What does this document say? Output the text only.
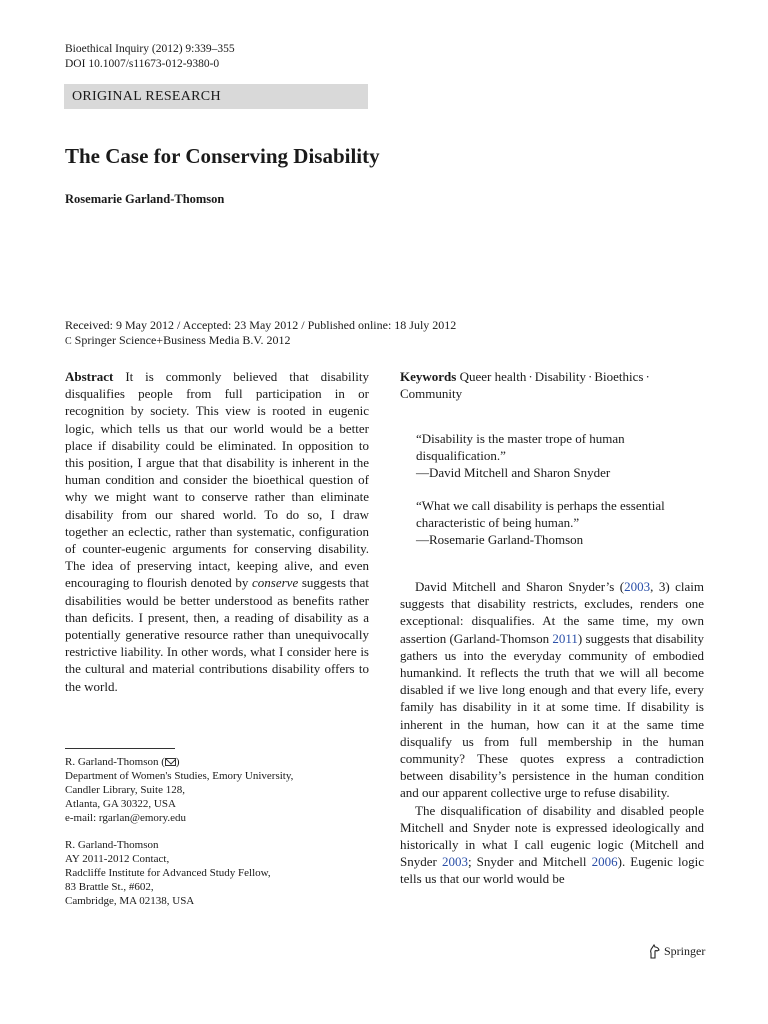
Bioethical Inquiry (2012) 9:339–355
DOI 10.1007/s11673-012-9380-0
ORIGINAL RESEARCH
The Case for Conserving Disability
Rosemarie Garland-Thomson
Received: 9 May 2012 / Accepted: 23 May 2012 / Published online: 18 July 2012
C Springer Science+Business Media B.V. 2012
Abstract It is commonly believed that disability disqualifies people from full participation in or recognition by society. This view is rooted in eugenic logic, which tells us that our world would be a better place if disability could be eliminated. In opposition to this position, I argue that that disability is inherent in the human condition and consider the bioethical question of why we might want to conserve rather than eliminate disability from our shared world. To do so, I draw together an eclectic, rather than systematic, configuration of counter-eugenic arguments for conserving disability. The idea of preserving intact, keeping alive, and even encouraging to flourish denoted by conserve suggests that disabilities would be better understood as benefits rather than deficits. I present, then, a reading of disability as a potentially generative resource rather than unequivocally restrictive liability. In other words, what I consider here is the cultural and material contributions disability offers to the world.
R. Garland-Thomson ( )
Department of Women's Studies, Emory University,
Candler Library, Suite 128,
Atlanta, GA 30322, USA
e-mail: rgarlan@emory.edu
R. Garland-Thomson
AY 2011-2012 Contact,
Radcliffe Institute for Advanced Study Fellow,
83 Brattle St., #602,
Cambridge, MA 02138, USA
Keywords Queer health · Disability · Bioethics ·
Community
“Disability is the master trope of human disqualification.”
—David Mitchell and Sharon Snyder
“What we call disability is perhaps the essential characteristic of being human.”
—Rosemarie Garland-Thomson

David Mitchell and Sharon Snyder’s (2003, 3) claim suggests that disability restricts, excludes, renders one exceptional: disqualifies. At the same time, my own assertion (Garland-Thomson 2011) suggests that disability gathers us into the everyday community of embodied humankind. It reflects the truth that we will all become disabled if we live long enough and that every life, every family has disability in it at some time. If disability is inherent in the human, how can it at the same time disqualify us from full membership in the human community? These quotes express a contradiction between disability’s persistence in the human condition and our apparent collective urge to refuse disability.

The disqualification of disability and disabled people Mitchell and Snyder note is expressed ideologically and historically in what I call eugenic logic (Mitchell and Snyder 2003; Snyder and Mitchell 2006). Eugenic logic tells us that our world would be

Springer
